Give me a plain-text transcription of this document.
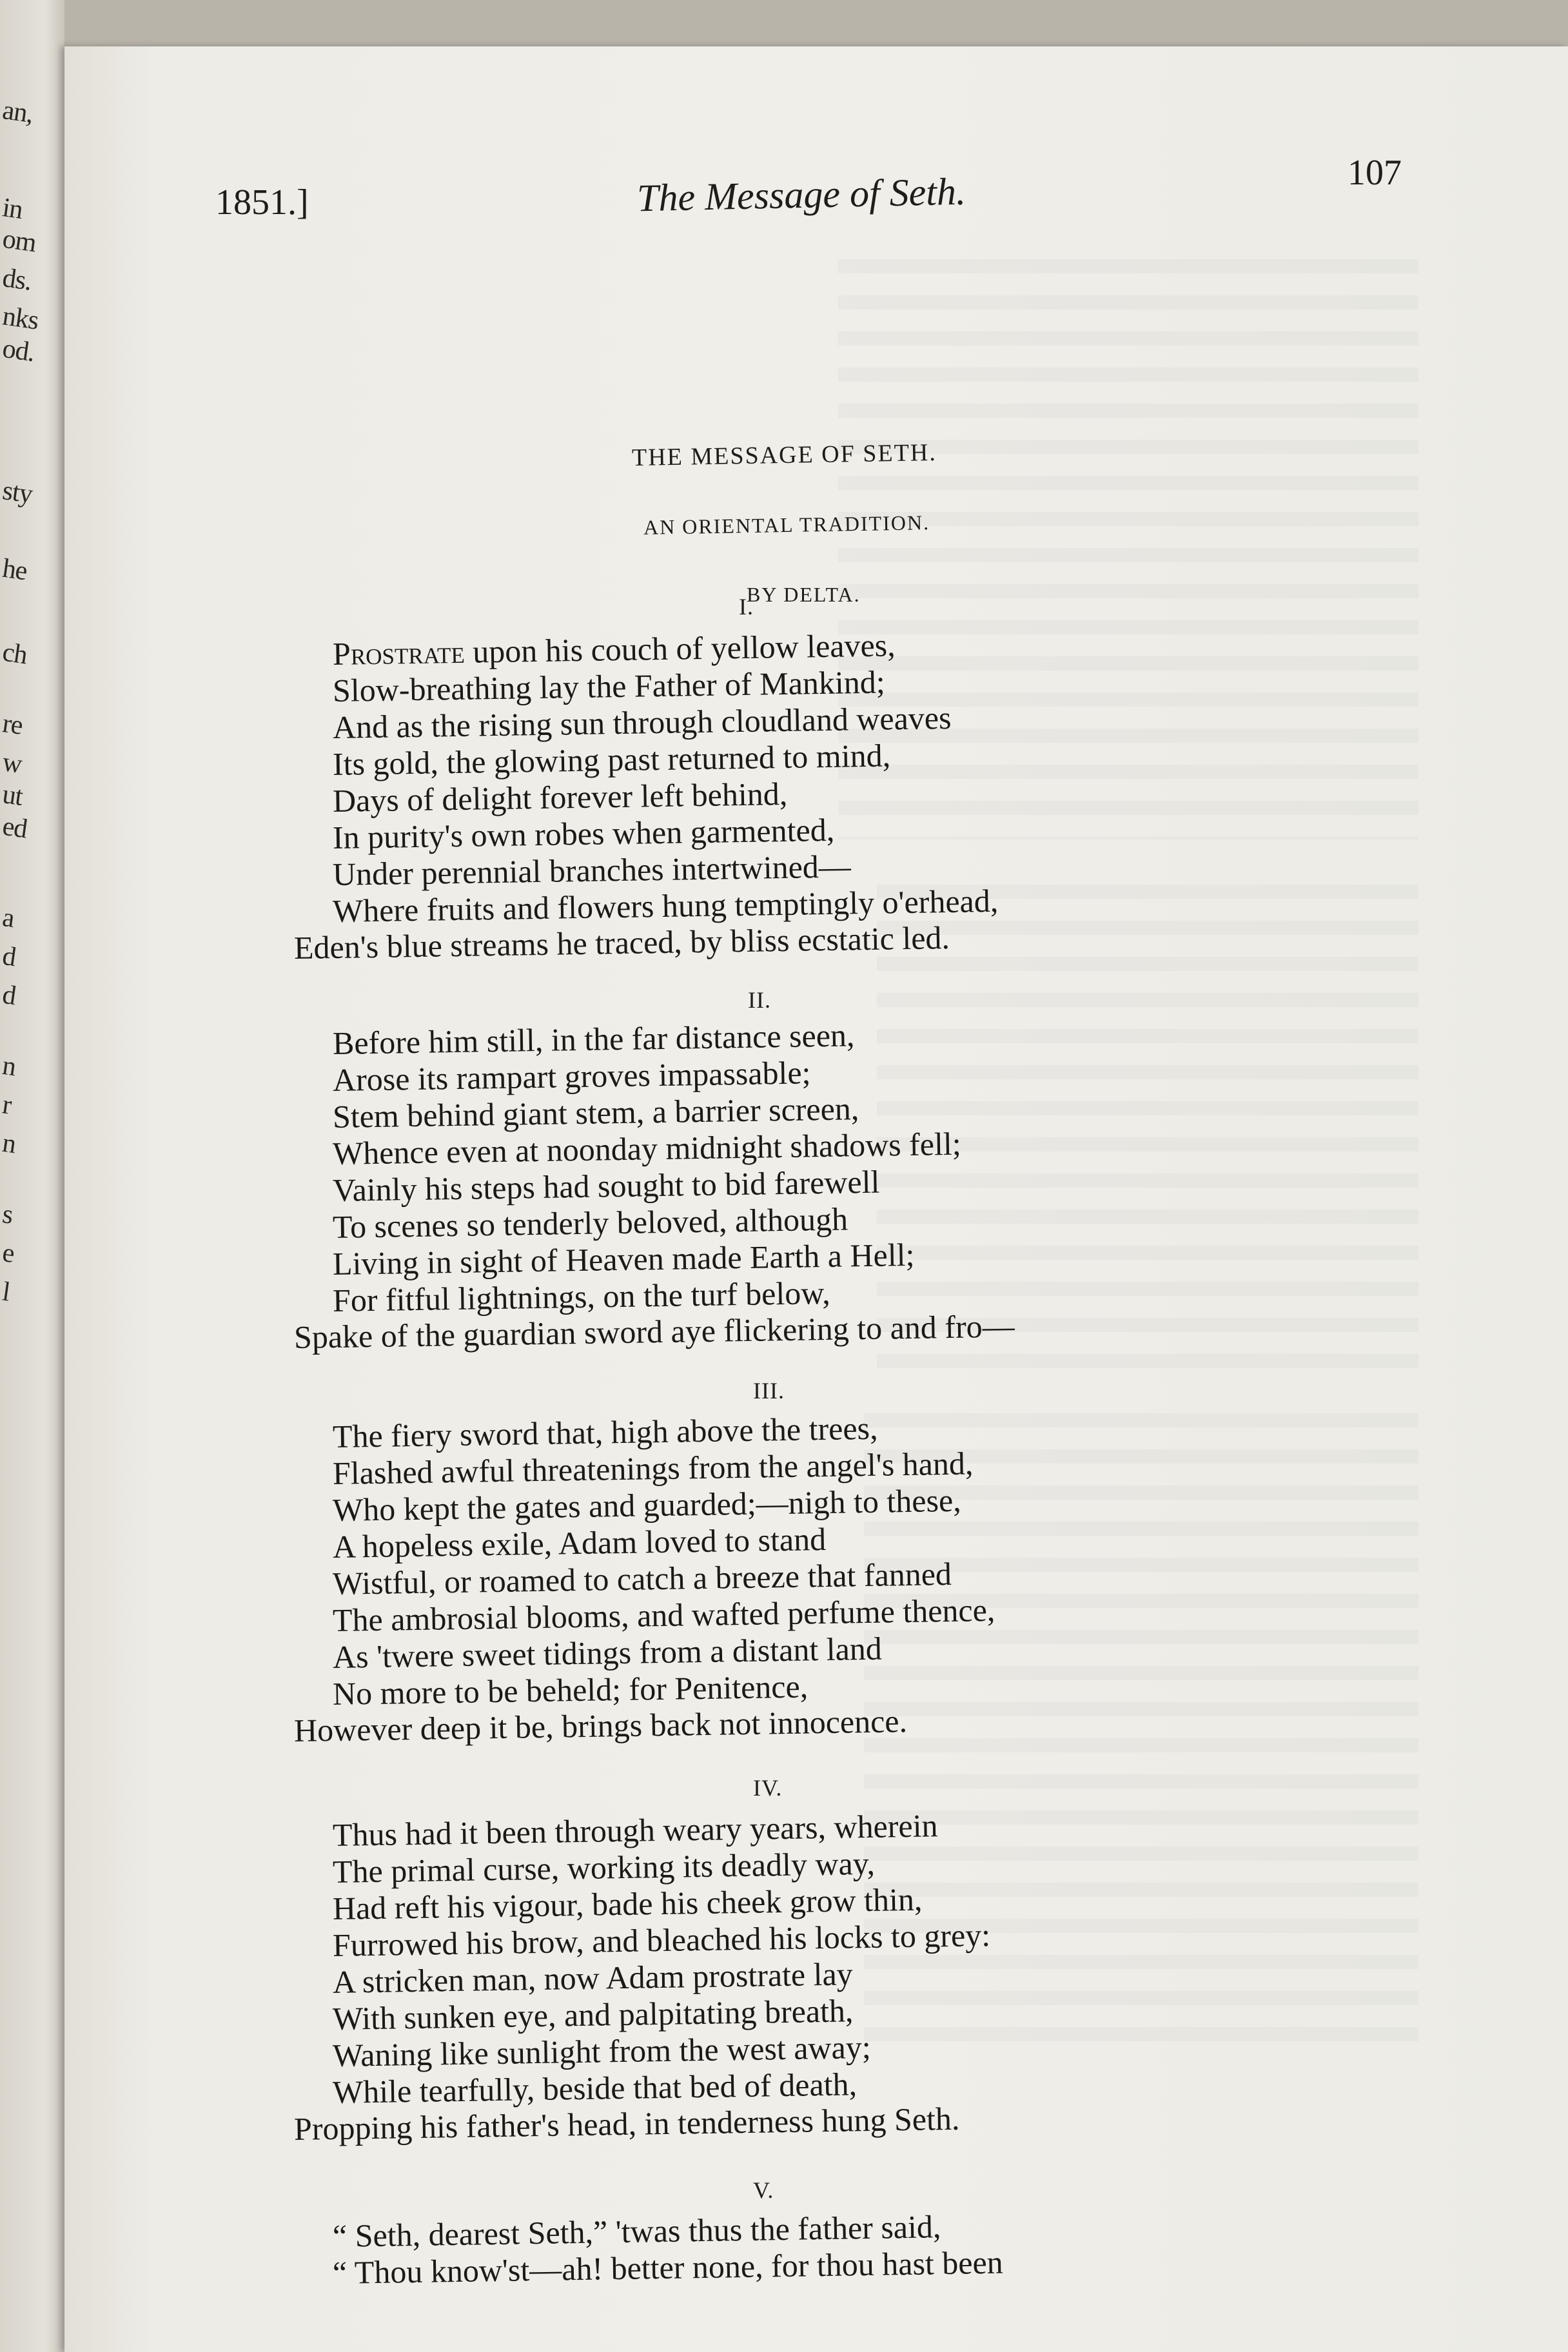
1851.]	The Message of Seth.	107
THE MESSAGE OF SETH.
AN ORIENTAL TRADITION.
BY DELTA.
I.
Prostrate upon his couch of yellow leaves,
Slow-breathing lay the Father of Mankind;
And as the rising sun through cloudland weaves
Its gold, the glowing past returned to mind,
Days of delight forever left behind,
In purity's own robes when garmented,
Under perennial branches intertwined—
Where fruits and flowers hung temptingly o'erhead,
Eden's blue streams he traced, by bliss ecstatic led.
II.
Before him still, in the far distance seen,
Arose its rampart groves impassable;
Stem behind giant stem, a barrier screen,
Whence even at noonday midnight shadows fell;
Vainly his steps had sought to bid farewell
To scenes so tenderly beloved, although
Living in sight of Heaven made Earth a Hell;
For fitful lightnings, on the turf below,
Spake of the guardian sword aye flickering to and fro—
III.
The fiery sword that, high above the trees,
Flashed awful threatenings from the angel's hand,
Who kept the gates and guarded;—nigh to these,
A hopeless exile, Adam loved to stand
Wistful, or roamed to catch a breeze that fanned
The ambrosial blooms, and wafted perfume thence,
As 'twere sweet tidings from a distant land
No more to be beheld; for Penitence,
However deep it be, brings back not innocence.
IV.
Thus had it been through weary years, wherein
The primal curse, working its deadly way,
Had reft his vigour, bade his cheek grow thin,
Furrowed his brow, and bleached his locks to grey:
A stricken man, now Adam prostrate lay
With sunken eye, and palpitating breath,
Waning like sunlight from the west away;
While tearfully, beside that bed of death,
Propping his father's head, in tenderness hung Seth.
V.
“ Seth, dearest Seth,” 'twas thus the father said,
“ Thou know'st—ah! better none, for thou hast been
an,
in
om
ds.
nks
od.
sty
he
ch
re
w
ut
ed
a
d
d
n
r
n
s
e
l
